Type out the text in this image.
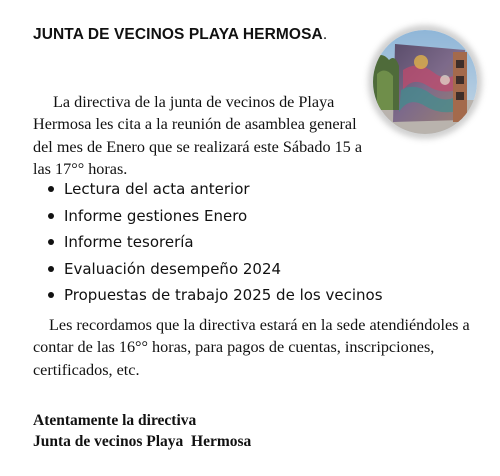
JUNTA DE VECINOS PLAYA HERMOSA.

La directiva de la junta de vecinos de Playa Hermosa les cita a la reunión de asamblea general del mes de Enero que se realizará este Sábado 15 a las 17°° horas.

Lectura del acta anterior
Informe gestiones Enero
Informe tesorería
Evaluación desempeño 2024
Propuestas de trabajo 2025 de los vecinos

Les recordamos que la directiva estará en la sede atendiéndoles a contar de las 16°° horas, para pagos de cuentas, inscripciones, certificados, etc.

Atentamente la directiva
Junta de vecinos Playa  Hermosa
